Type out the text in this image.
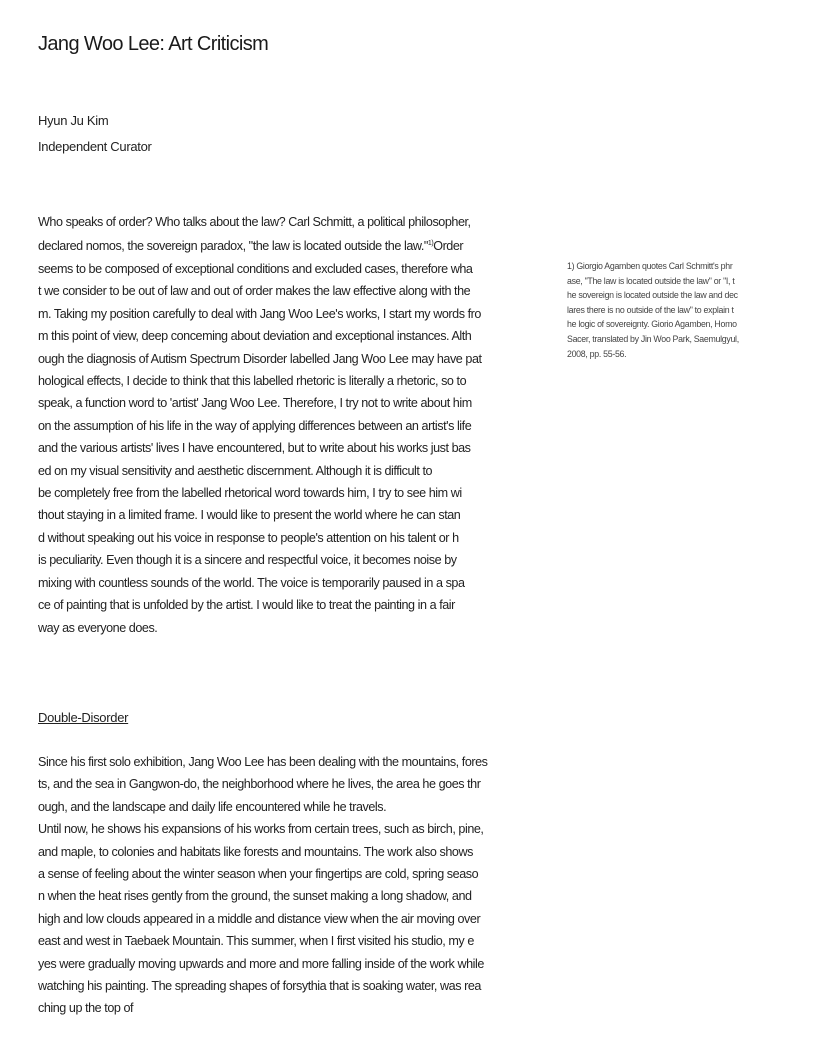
Jang Woo Lee: Art Criticism
Hyun Ju Kim
Independent Curator
Who speaks of order? Who talks about the law? Carl Schmitt, a political philosopher,
declared nomos, the sovereign paradox, "the law is located outside the law."$^{1)}$Order
seems to be composed of exceptional conditions and excluded cases, therefore wha
t we consider to be out of law and out of order makes the law effective along with the
m. Taking my position carefully to deal with Jang Woo Lee's works, I start my words fro
m this point of view, deep conceming about deviation and exceptional instances. Alth
ough the diagnosis of Autism Spectrum Disorder labelled Jang Woo Lee may have pat
hological effects, I decide to think that this labelled rhetoric is literally a rhetoric, so to
speak, a function word to 'artist' Jang Woo Lee. Therefore, I try not to write about him
on the assumption of his life in the way of applying differences between an artist's life
and the various artists' lives I have encountered, but to write about his works just bas
ed on my visual sensitivity and aesthetic discernment. Although it is difficult to
be completely free from the labelled rhetorical word towards him, I try to see him wi
thout staying in a limited frame. I would like to present the world where he can stan
d without speaking out his voice in response to people's attention on his talent or h
is peculiarity. Even though it is a sincere and respectful voice, it becomes noise by
mixing with countless sounds of the world. The voice is temporarily paused in a spa
ce of painting that is unfolded by the artist. I would like to treat the painting in a fair
way as everyone does.
1) Giorgio Agamben quotes Carl Schmitt's phr
ase, "The law is located outside the law" or "I, t
he sovereign is located outside the law and dec
lares there is no outside of the law" to explain t
he logic of sovereignty. Giorio Agamben, Homo
Sacer, translated by Jin Woo Park, Saemulgyul,
2008, pp. 55-56.
Double-Disorder
Since his first solo exhibition, Jang Woo Lee has been dealing with the mountains, fores
ts, and the sea in Gangwon-do, the neighborhood where he lives, the area he goes thr
ough, and the landscape and daily life encountered while he travels.
Until now, he shows his expansions of his works from certain trees, such as birch, pine,
and maple, to colonies and habitats like forests and mountains. The work also shows
a sense of feeling about the winter season when your fingertips are cold, spring seaso
n when the heat rises gently from the ground, the sunset making a long shadow, and
high and low clouds appeared in a middle and distance view when the air moving over
east and west in Taebaek Mountain. This summer, when I first visited his studio, my e
yes were gradually moving upwards and more and more falling inside of the work while
watching his painting. The spreading shapes of forsythia that is soaking water, was rea
ching up the top of
